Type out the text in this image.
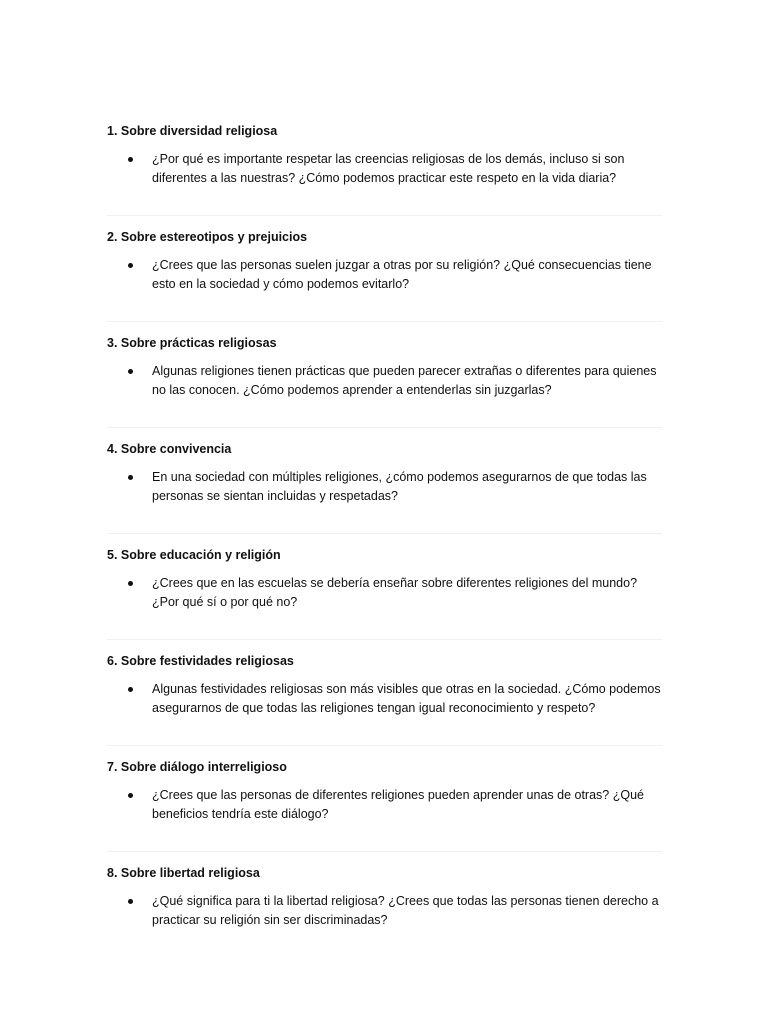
1. Sobre diversidad religiosa

¿Por qué es importante respetar las creencias religiosas de los demás, incluso si son diferentes a las nuestras? ¿Cómo podemos practicar este respeto en la vida diaria?

2. Sobre estereotipos y prejuicios

¿Crees que las personas suelen juzgar a otras por su religión? ¿Qué consecuencias tiene esto en la sociedad y cómo podemos evitarlo?

3. Sobre prácticas religiosas

Algunas religiones tienen prácticas que pueden parecer extrañas o diferentes para quienes no las conocen. ¿Cómo podemos aprender a entenderlas sin juzgarlas?

4. Sobre convivencia

En una sociedad con múltiples religiones, ¿cómo podemos asegurarnos de que todas las personas se sientan incluidas y respetadas?

5. Sobre educación y religión

¿Crees que en las escuelas se debería enseñar sobre diferentes religiones del mundo? ¿Por qué sí o por qué no?

6. Sobre festividades religiosas

Algunas festividades religiosas son más visibles que otras en la sociedad. ¿Cómo podemos asegurarnos de que todas las religiones tengan igual reconocimiento y respeto?

7. Sobre diálogo interreligioso

¿Crees que las personas de diferentes religiones pueden aprender unas de otras? ¿Qué beneficios tendría este diálogo?

8. Sobre libertad religiosa

¿Qué significa para ti la libertad religiosa? ¿Crees que todas las personas tienen derecho a practicar su religión sin ser discriminadas?
